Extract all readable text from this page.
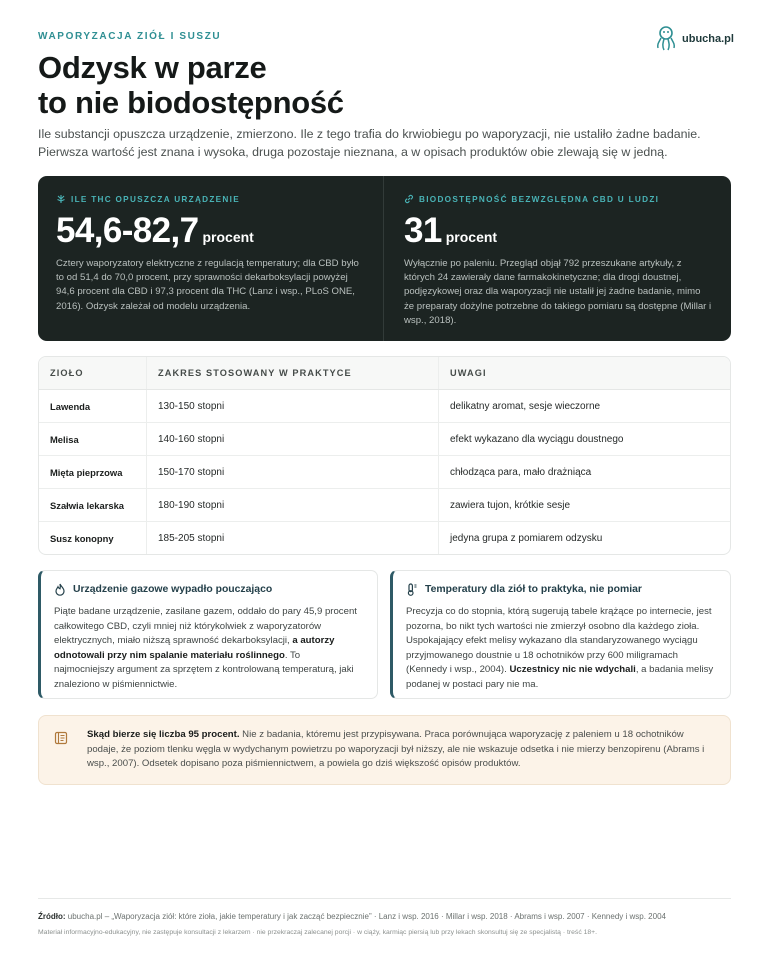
WAPORYZACJA ZIÓŁ I SUSZU	ubucha.pl
Odzysk w parze
to nie biodostępność

Ile substancji opuszcza urządzenie, zmierzono. Ile z tego trafia do krwiobiegu po waporyzacji, nie ustaliło żadne badanie. Pierwsza wartość jest znana i wysoka, druga pozostaje nieznana, a w opisach produktów obie zlewają się w jedną.

ILE THC OPUSZCZA URZĄDZENIE
54,6-82,7 procent

Cztery waporyzatory elektryczne z regulacją temperatury; dla CBD było to od 51,4 do 70,0 procent, przy sprawności dekarboksylacji powyżej 94,6 procent dla CBD i 97,3 procent dla THC (Lanz i wsp., PLoS ONE, 2016). Odzysk zależał od modelu urządzenia.

BIODOSTĘPNOŚĆ BEZWZGLĘDNA CBD U LUDZI
31 procent

Wyłącznie po paleniu. Przegląd objął 792 przeszukane artykuły, z których 24 zawierały dane farmakokinetyczne; dla drogi doustnej, podjęzykowej oraz dla waporyzacji nie ustalił jej żadne badanie, mimo że preparaty dożylne potrzebne do takiego pomiaru są dostępne (Millar i wsp., 2018).

ZIOŁO	ZAKRES STOSOWANY W PRAKTYCE	UWAGI
Lawenda	130-150 stopni	delikatny aromat, sesje wieczorne
Melisa	140-160 stopni	efekt wykazano dla wyciągu doustnego
Mięta pieprzowa	150-170 stopni	chłodząca para, mało drażniąca
Szałwia lekarska	180-190 stopni	zawiera tujon, krótkie sesje
Susz konopny	185-205 stopni	jedyna grupa z pomiarem odzysku
Urządzenie gazowe wypadło pouczająco

Piąte badane urządzenie, zasilane gazem, oddało do pary 45,9 procent całkowitego CBD, czyli mniej niż którykolwiek z waporyzatorów elektrycznych, miało niższą sprawność dekarboksylacji, a autorzy odnotowali przy nim spalanie materiału roślinnego. To najmocniejszy argument za sprzętem z kontrolowaną temperaturą, jaki znaleziono w piśmiennictwie.

Temperatury dla ziół to praktyka, nie pomiar

Precyzja co do stopnia, którą sugerują tabele krążące po internecie, jest pozorna, bo nikt tych wartości nie zmierzył osobno dla każdego zioła. Uspokajający efekt melisy wykazano dla standaryzowanego wyciągu przyjmowanego doustnie u 18 ochotników przy 600 miligramach (Kennedy i wsp., 2004). Uczestnicy nic nie wdychali, a badania melisy podanej w postaci pary nie ma.

Skąd bierze się liczba 95 procent. Nie z badania, któremu jest przypisywana. Praca porównująca waporyzację z paleniem u 18 ochotników podaje, że poziom tlenku węgla w wydychanym powietrzu po waporyzacji był niższy, ale nie wskazuje odsetka i nie mierzy benzopirenu (Abrams i wsp., 2007). Odsetek dopisano poza piśmiennictwem, a powiela go dziś większość opisów produktów.

Źródło: ubucha.pl – „Waporyzacja ziół: które zioła, jakie temperatury i jak zacząć bezpiecznie” · Lanz i wsp. 2016 · Millar i wsp. 2018 · Abrams i wsp. 2007 · Kennedy i wsp. 2004

Materiał informacyjno-edukacyjny, nie zastępuje konsultacji z lekarzem · nie przekraczaj zalecanej porcji · w ciąży, karmiąc piersią lub przy lekach skonsultuj się ze specjalistą · treść 18+.
